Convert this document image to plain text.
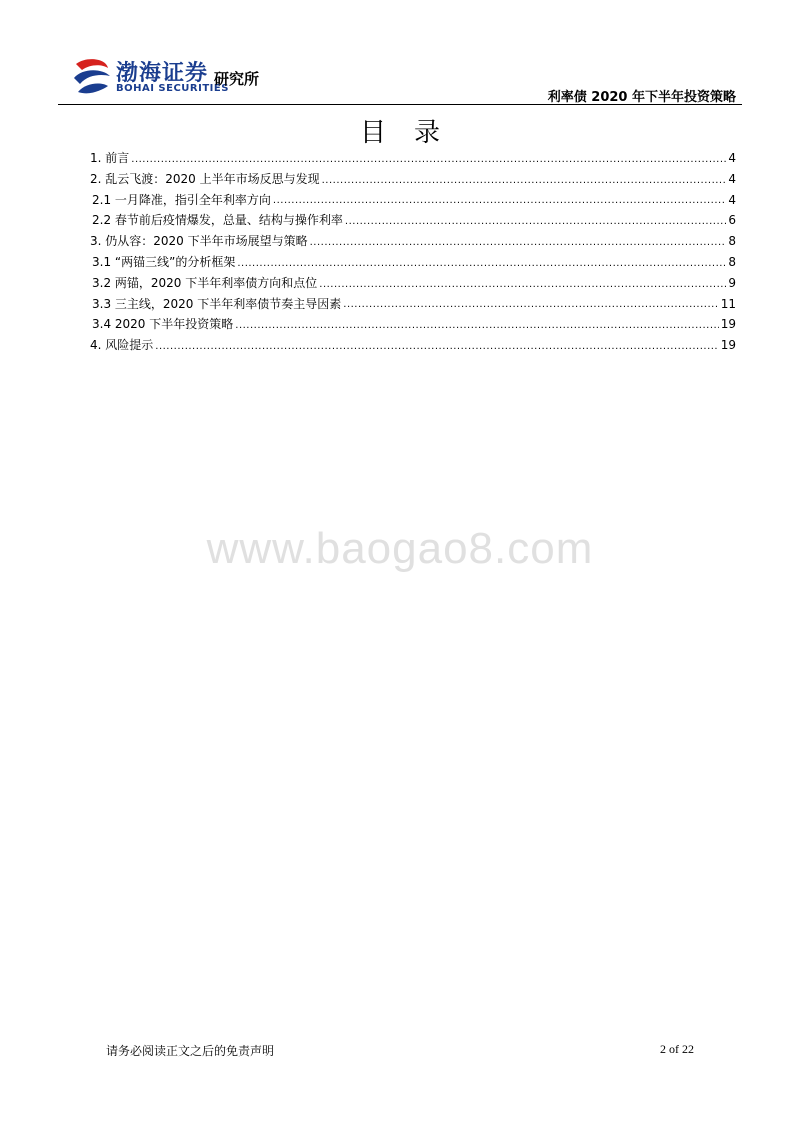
渤海证券
BOHAI SECURITIES
研究所
利率债 2020 年下半年投资策略
目录
1. 前言 .....	4
2. 乱云飞渡：2020 上半年市场反思与发现 .....	4
2.1 一月降准，指引全年利率方向 .....	4
2.2 春节前后疫情爆发，总量、结构与操作利率 .....	6
3. 仍从容：2020 下半年市场展望与策略 .....	8
3.1 “两锚三线”的分析框架 .....	8
3.2 两锚，2020 下半年利率债方向和点位 .....	9
3.3 三主线，2020 下半年利率债节奏主导因素 .....	11
3.4 2020 下半年投资策略 .....	19
4. 风险提示 .....	19
www.baogao8.com
请务必阅读正文之后的免责声明	2 of 22
